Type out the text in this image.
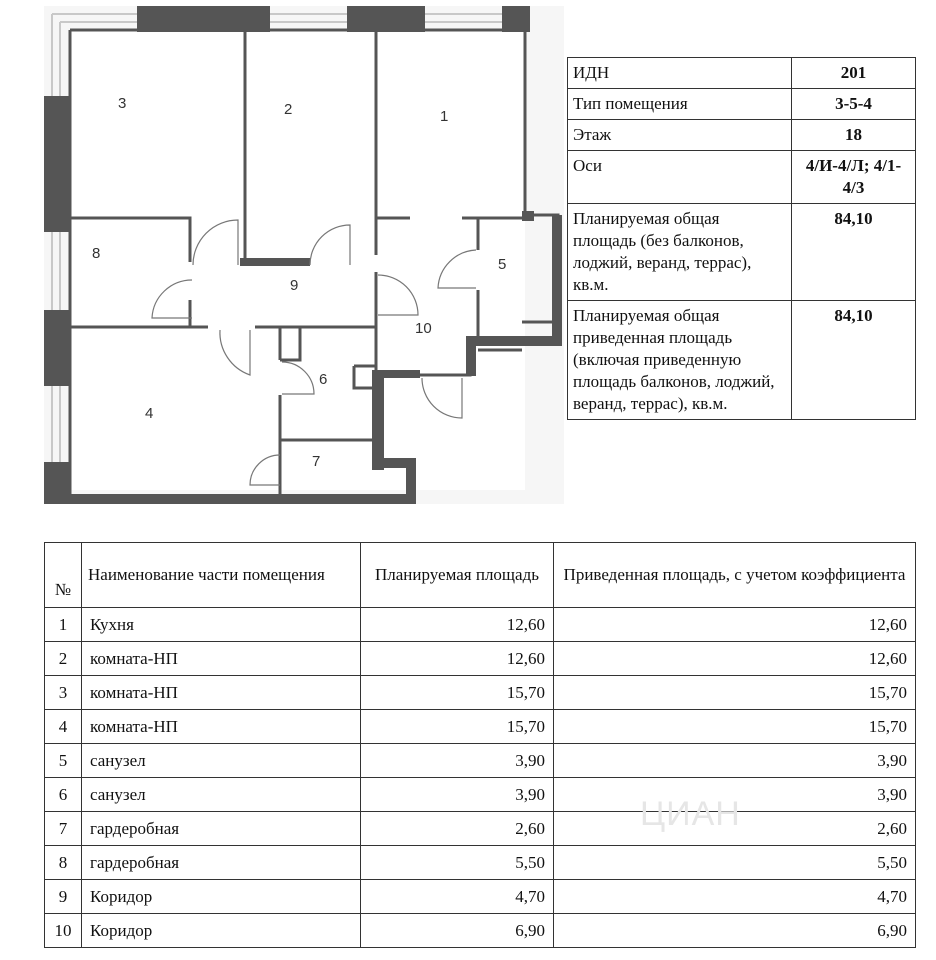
1
2
3
4
5
6
7
8
9
10
ИДН	201
Тип помещения	3-5-4
Этаж	18
Оси	4/И-4/Л; 4/1-4/3
Планируемая общая площадь (без балконов, лоджий, веранд, террас), кв.м.	84,10
Планируемая общая приведенная площадь (включая приведенную площадь балконов, лоджий, веранд, террас), кв.м.	84,10
№	Наименование части помещения	Планируемая площадь	Приведенная площадь, с учетом коэффициента
1	Кухня	12,60	12,60
2	комната-НП	12,60	12,60
3	комната-НП	15,70	15,70
4	комната-НП	15,70	15,70
5	санузел	3,90	3,90
6	санузел	3,90	3,90
7	гардеробная	2,60	2,60
8	гардеробная	5,50	5,50
9	Коридор	4,70	4,70
10	Коридор	6,90	6,90
ЦИАН
